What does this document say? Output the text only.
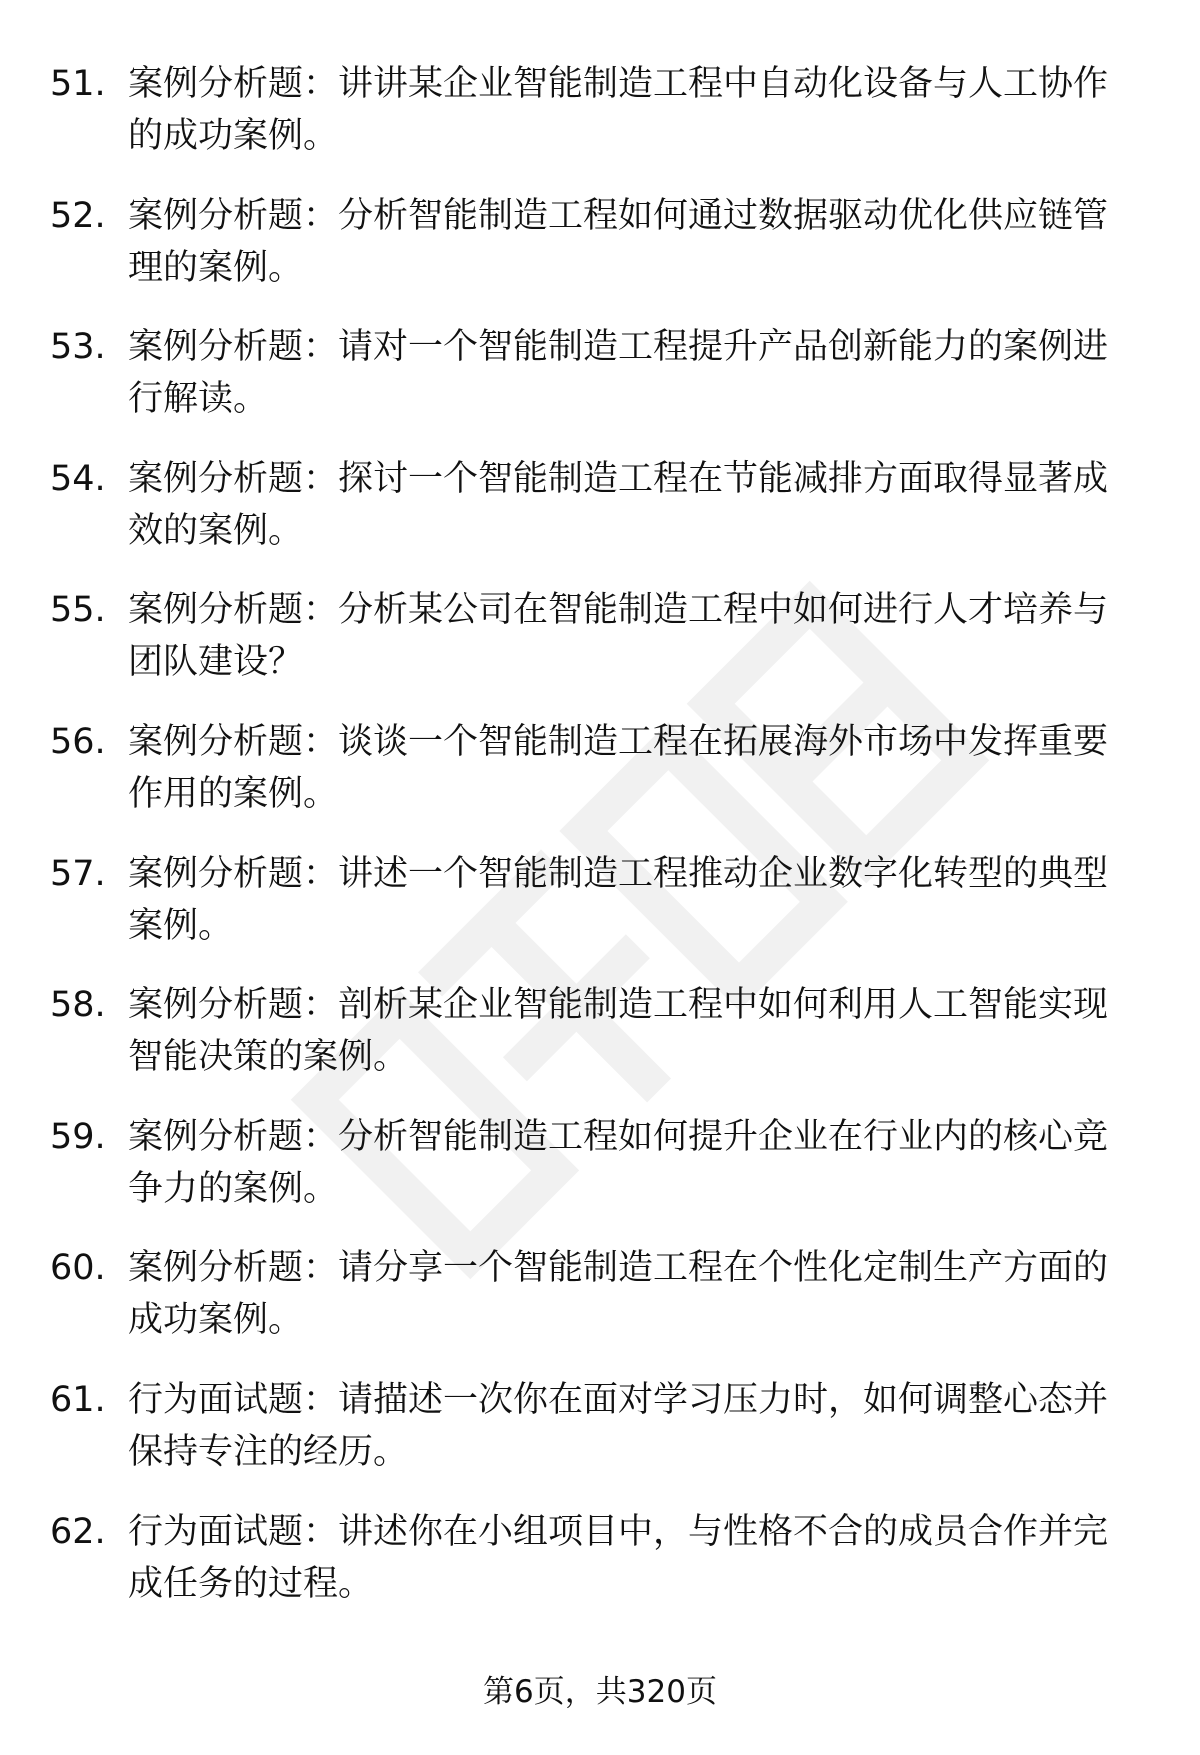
51. 案例分析题：讲讲某企业智能制造工程中自动化设备与人工协作的成功案例。
52. 案例分析题：分析智能制造工程如何通过数据驱动优化供应链管理的案例。
53. 案例分析题：请对一个智能制造工程提升产品创新能力的案例进行解读。
54. 案例分析题：探讨一个智能制造工程在节能减排方面取得显著成效的案例。
55. 案例分析题：分析某公司在智能制造工程中如何进行人才培养与团队建设？
56. 案例分析题：谈谈一个智能制造工程在拓展海外市场中发挥重要作用的案例。
57. 案例分析题：讲述一个智能制造工程推动企业数字化转型的典型案例。
58. 案例分析题：剖析某企业智能制造工程中如何利用人工智能实现智能决策的案例。
59. 案例分析题：分析智能制造工程如何提升企业在行业内的核心竞争力的案例。
60. 案例分析题：请分享一个智能制造工程在个性化定制生产方面的成功案例。
61. 行为面试题：请描述一次你在面对学习压力时，如何调整心态并保持专注的经历。
62. 行为面试题：讲述你在小组项目中，与性格不合的成员合作并完成任务的过程。
第6页，共320页
